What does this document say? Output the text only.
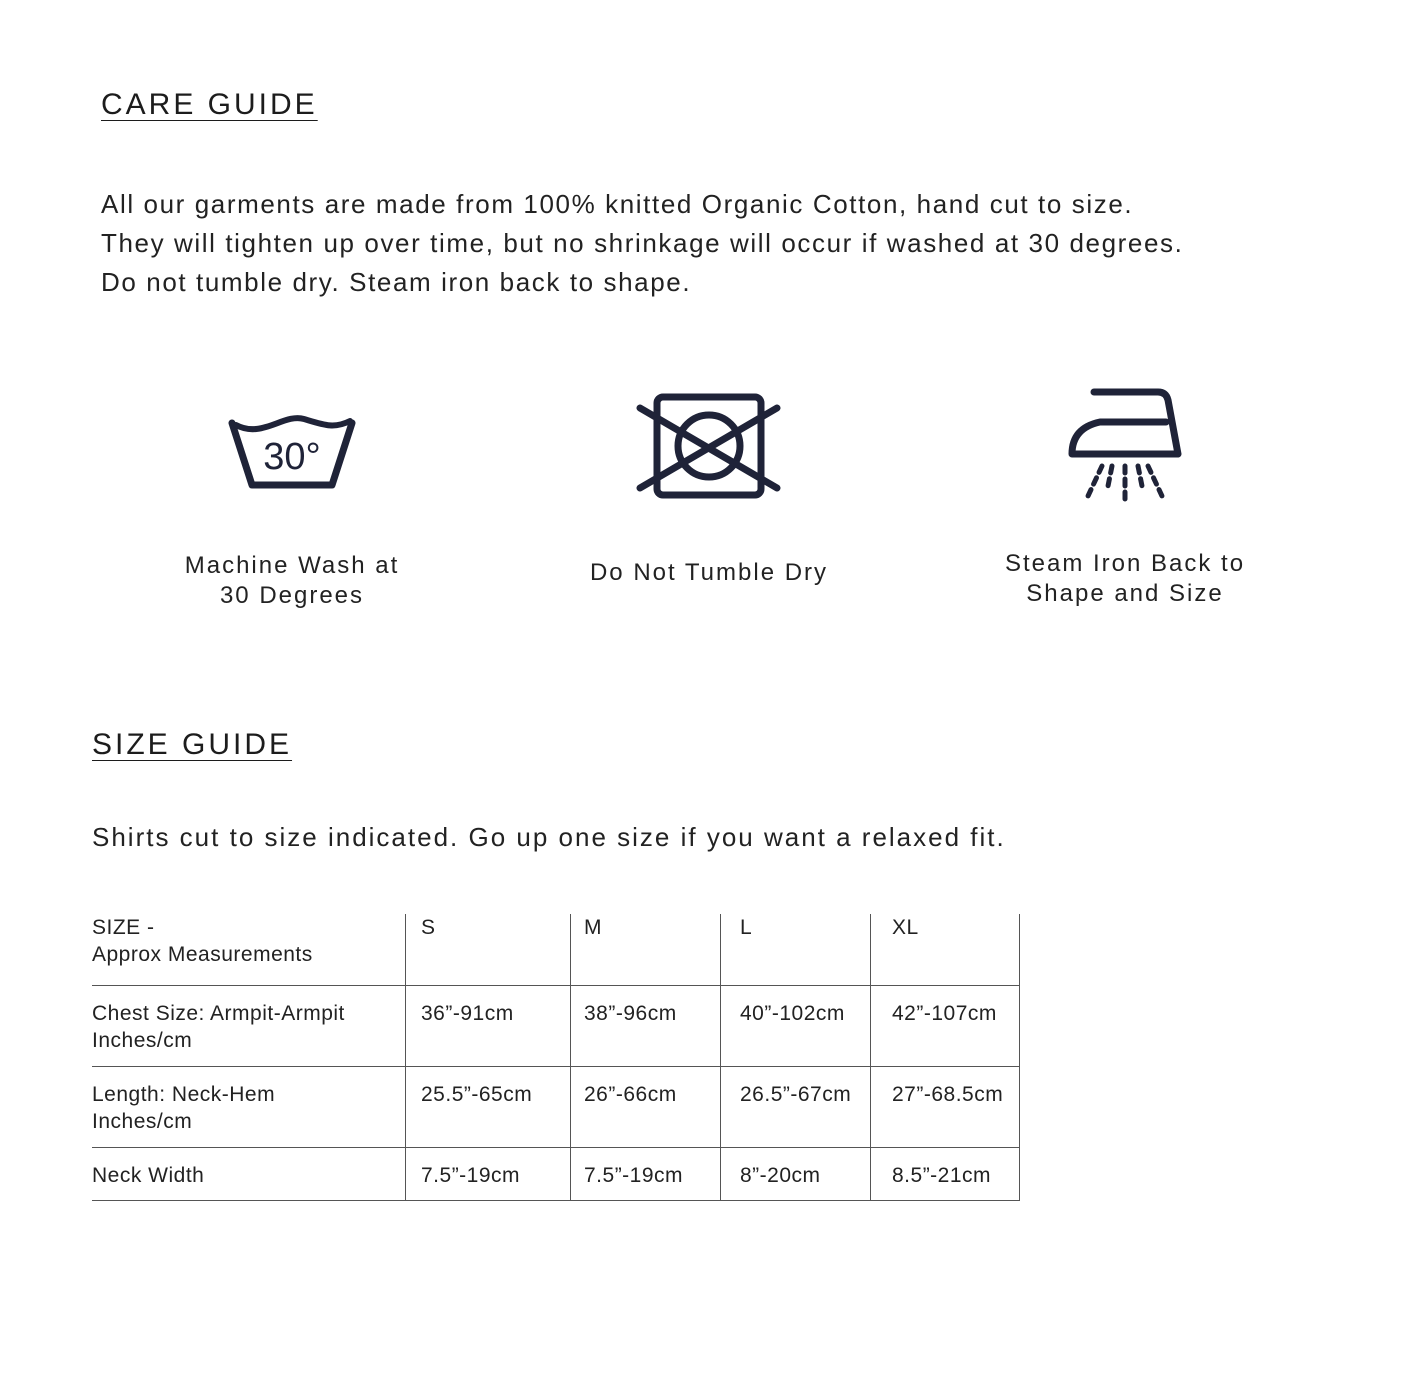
CARE GUIDE

All our garments are made from 100% knitted Organic Cotton, hand cut to size.

They will tighten up over time, but no shrinkage will occur if washed at 30 degrees.

Do not tumble dry. Steam iron back to shape.

30°
Machine Wash at
30 Degrees
Do Not Tumble Dry	Steam Iron Back to
Shape and Size
SIZE GUIDE
Shirts cut to size indicated. Go up one size if you want a relaxed fit.
SIZE -
Approx Measurements	S	M	L	XL

Chest Size: Armpit-Armpit
Inches/cm	36”-91cm	38”-96cm	40”-102cm	42”-107cm

Length: Neck-Hem
Inches/cm	25.5”-65cm	26”-66cm	26.5”-67cm	27”-68.5cm

Neck Width	7.5”-19cm	7.5”-19cm	8”-20cm	8.5”-21cm
